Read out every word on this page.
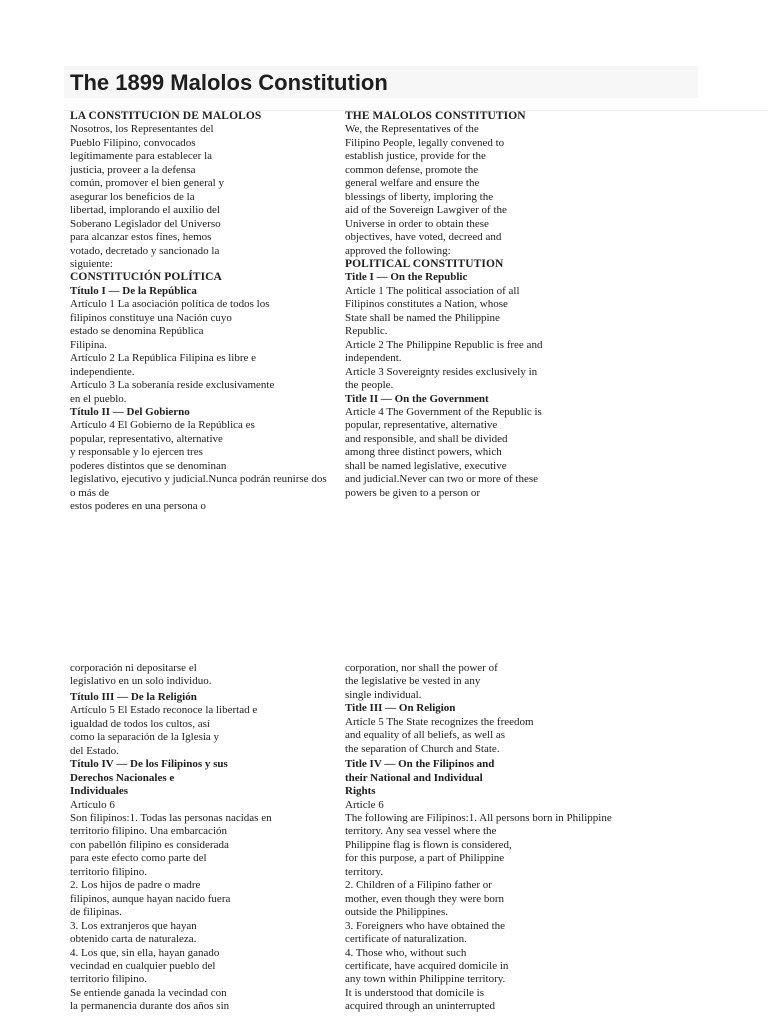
The 1899 Malolos Constitution
LA CONSTITUCIÓN DE MALOLOS
Nosotros, los Representantes del
Pueblo Filipino, convocados
legítimamente para establecer la
justicia, proveer a la defensa
común, promover el bien general y
asegurar los beneficios de la
libertad, implorando el auxilio del
Soberano Legislador del Universo
para alcanzar estos fines, hemos
votado, decretado y sancionado la
siguiente:
CONSTITUCIÓN POLÍTICA
Título I — De la República
Artículo 1 La asociación política de todos los
filipinos constituye una Nación cuyo
estado se denomina República
Filipina.
Artículo 2 La República Filipina es libre e
independiente.
Artículo 3 La soberanía reside exclusivamente
en el pueblo.
Título II — Del Gobierno
Artículo 4 El Gobierno de la República es
popular, representativo, alternative
y responsable y lo ejercen tres
poderes distintos que se denominan
legislativo, ejecutivo y judicial.Nunca podrán reunirse dos
o más de
estos poderes en una persona o
THE MALOLOS CONSTITUTION
We, the Representatives of the
Filipino People, legally convened to
establish justice, provide for the
common defense, promote the
general welfare and ensure the
blessings of liberty, imploring the
aid of the Sovereign Lawgiver of the
Universe in order to obtain these
objectives, have voted, decreed and
approved the following:
POLITICAL CONSTITUTION
Title I — On the Republic
Article 1 The political association of all
Filipinos constitutes a Nation, whose
State shall be named the Philippine
Republic.
Article 2 The Philippine Republic is free and
independent.
Article 3 Sovereignty resides exclusively in
the people.
Title II — On the Government
Article 4 The Government of the Republic is
popular, representative, alternative
and responsible, and shall be divided
among three distinct powers, which
shall be named legislative, executive
and judicial.Never can two or more of these
powers be given to a person or
corporación ni depositarse el
legislativo en un solo individuo.
Título III — De la Religión
Artículo 5 El Estado reconoce la libertad e
igualdad de todos los cultos, así
como la separación de la Iglesia y
del Estado.
Título IV — De los Filipinos y sus
Derechos Nacionales e
Individuales
Artículo 6
Son filipinos:1. Todas las personas nacidas en
territorio filipino. Una embarcación
con pabellón filipino es considerada
para este efecto como parte del
territorio filipino.
2. Los hijos de padre o madre
filipinos, aunque hayan nacido fuera
de filipinas.
3. Los extranjeros que hayan
obtenido carta de naturaleza.
4. Los que, sin ella, hayan ganado
vecindad en cualquier pueblo del
territorio filipino.
Se entiende ganada la vecindad con
la permanencia durante dos años sin
corporation, nor shall the power of
the legislative be vested in any
single individual.
Title III — On Religion
Article 5 The State recognizes the freedom
and equality of all beliefs, as well as
the separation of Church and State.
Title IV — On the Filipinos and
their National and Individual
Rights
Article 6
The following are Filipinos:1. All persons born in Philippine
territory. Any sea vessel where the
Philippine flag is flown is considered,
for this purpose, a part of Philippine
territory.
2. Children of a Filipino father or
mother, even though they were born
outside the Philippines.
3. Foreigners who have obtained the
certificate of naturalization.
4. Those who, without such
certificate, have acquired domicile in
any town within Philippine territory.
It is understood that domicile is
acquired through an uninterrupted
